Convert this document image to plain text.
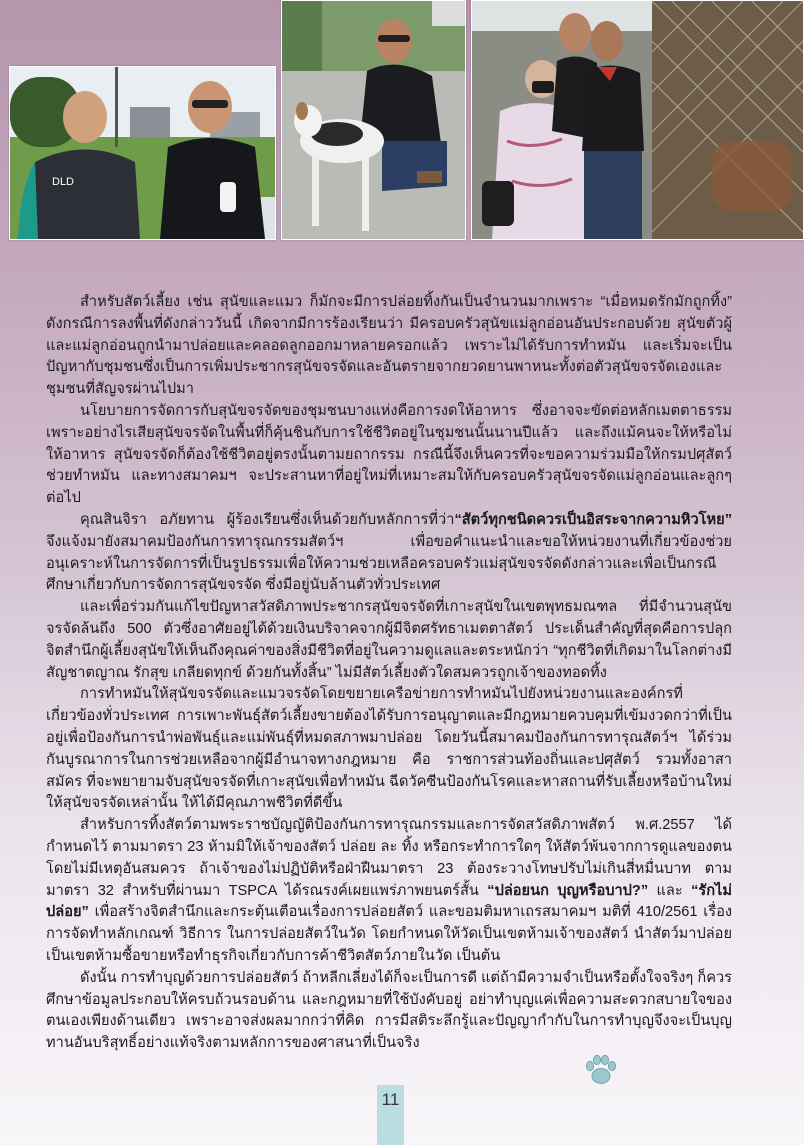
DLD

สำหรับสัตว์เลี้ยง เช่น สุนัขและแมว ก็มักจะมีการปล่อยทิ้งกันเป็นจำนวนมากเพราะ “เมื่อหมดรักมักถูกทิ้ง” ดังกรณีการลงพื้นที่ดังกล่าววันนี้ เกิดจากมีการร้องเรียนว่า มีครอบครัวสุนัขแม่ลูกอ่อนอันประกอบด้วย สุนัขตัวผู้และแม่ลูกอ่อนถูกนำมาปล่อยและคลอดลูกออกมาหลายครอกแล้ว เพราะไม่ได้รับการทำหมัน และเริ่มจะเป็นปัญหากับชุมชนซึ่งเป็นการเพิ่มประชากรสุนัขจรจัดและอันตรายจากยวดยานพาหนะทั้งต่อตัวสุนัขจรจัดเองและชุมชนที่สัญจรผ่านไปมา

นโยบายการจัดการกับสุนัขจรจัดของชุมชนบางแห่งคือการงดให้อาหาร ซึ่งอาจจะขัดต่อหลักเมตตาธรรมเพราะอย่างไรเสียสุนัขจรจัดในพื้นที่ก็คุ้นชินกับการใช้ชีวิตอยู่ในชุมชนนั้นนานปีแล้ว และถึงแม้คนจะให้หรือไม่ให้อาหาร สุนัขจรจัดก็ต้องใช้ชีวิตอยู่ตรงนั้นตามยถากรรม กรณีนี้จึงเห็นควรที่จะขอความร่วมมือให้กรมปศุสัตว์ช่วยทำหมัน และทางสมาคมฯ จะประสานหาที่อยู่ใหม่ที่เหมาะสมให้กับครอบครัวสุนัขจรจัดแม่ลูกอ่อนและลูกๆ ต่อไป

คุณสินจิรา อภัยทาน ผู้ร้องเรียนซึ่งเห็นด้วยกับหลักการที่ว่า“สัตว์ทุกชนิดควรเป็นอิสระจากความหิวโหย” จึงแจ้งมายังสมาคมป้องกันการทารุณกรรมสัตว์ฯ เพื่อขอคำแนะนำและขอให้หน่วยงานที่เกี่ยวข้องช่วยอนุเคราะห์ในการจัดการที่เป็นรูปธรรมเพื่อให้ความช่วยเหลือครอบครัวแม่สุนัขจรจัดดังกล่าวและเพื่อเป็นกรณีศึกษาเกี่ยวกับการจัดการสุนัขจรจัด ซึ่งมีอยู่นับล้านตัวทั่วประเทศ

และเพื่อร่วมกันแก้ไขปัญหาสวัสดิภาพประชากรสุนัขจรจัดที่เกาะสุนัขในเขตพุทธมณฑล ที่มีจำนวนสุนัขจรจัดล้นถึง 500 ตัวซึ่งอาศัยอยู่ได้ด้วยเงินบริจาคจากผู้มีจิตศรัทธาเมตตาสัตว์ ประเด็นสำคัญที่สุดคือการปลุกจิตสำนึกผู้เลี้ยงสุนัขให้เห็นถึงคุณค่าของสิ่งมีชีวิตที่อยู่ในความดูแลและตระหนักว่า “ทุกชีวิตที่เกิดมาในโลกต่างมีสัญชาตญาณ รักสุข เกลียดทุกข์ ด้วยกันทั้งสิ้น” ไม่มีสัตว์เลี้ยงตัวใดสมควรถูกเจ้าของทอดทิ้ง

การทำหมันให้สุนัขจรจัดและแมวจรจัดโดยขยายเครือข่ายการทำหมันไปยังหน่วยงานและองค์กรที่เกี่ยวข้องทั่วประเทศ การเพาะพันธุ์สัตว์เลี้ยงขายต้องได้รับการอนุญาตและมีกฎหมายควบคุมที่เข้มงวดกว่าที่เป็นอยู่เพื่อป้องกันการนำพ่อพันธุ์และแม่พันธุ์ที่หมดสภาพมาปล่อย โดยวันนี้สมาคมป้องกันการทารุณสัตว์ฯ ได้ร่วมกันบูรณาการในการช่วยเหลือจากผู้มีอำนาจทางกฎหมาย คือ ราชการส่วนท้องถิ่นและปศุสัตว์ รวมทั้งอาสาสมัคร ที่จะพยายามจับสุนัขจรจัดที่เกาะสุนัขเพื่อทำหมัน ฉีดวัคซีนป้องกันโรคและหาสถานที่รับเลี้ยงหรือบ้านใหม่ให้สุนัขจรจัดเหล่านั้น ให้ได้มีคุณภาพชีวิตที่ดีขึ้น

สำหรับการทิ้งสัตว์ตามพระราชบัญญัติป้องกันการทารุณกรรมและการจัดสวัสดิภาพสัตว์ พ.ศ.2557 ได้กำหนดไว้ ตามมาตรา 23 ห้ามมิให้เจ้าของสัตว์ ปล่อย ละ ทิ้ง หรือกระทำการใดๆ ให้สัตว์พ้นจากการดูแลของตนโดยไม่มีเหตุอันสมควร ถ้าเจ้าของไม่ปฏิบัติหรือฝ่าฝืนมาตรา 23 ต้องระวางโทษปรับไม่เกินสี่หมื่นบาท ตามมาตรา 32 สำหรับที่ผ่านมา TSPCA ได้รณรงค์เผยแพร่ภาพยนตร์สั้น “ปล่อยนก บุญหรือบาป?” และ “รักไม่ปล่อย” เพื่อสร้างจิตสำนึกและกระตุ้นเตือนเรื่องการปล่อยสัตว์ และขอมติมหาเถรสมาคมฯ มติที่ 410/2561 เรื่องการจัดทำหลักเกณฑ์ วิธีการ ในการปล่อยสัตว์ในวัด โดยกำหนดให้วัดเป็นเขตห้ามเจ้าของสัตว์ นำสัตว์มาปล่อย เป็นเขตห้ามซื้อขายหรือทำธุรกิจเกี่ยวกับการค้าชีวิตสัตว์ภายในวัด เป็นต้น

ดังนั้น การทำบุญด้วยการปล่อยสัตว์ ถ้าหลีกเลี่ยงได้ก็จะเป็นการดี แต่ถ้ามีความจำเป็นหรือตั้งใจจริงๆ ก็ควรศึกษาข้อมูลประกอบให้ครบถ้วนรอบด้าน และกฎหมายที่ใช้บังคับอยู่ อย่าทำบุญแค่เพื่อความสะดวกสบายใจของตนเองเพียงด้านเดียว เพราะอาจส่งผลมากกว่าที่คิด การมีสติระลึกรู้และปัญญากำกับในการทำบุญจึงจะเป็นบุญทานอันบริสุทธิ์อย่างแท้จริงตามหลักการของศาสนาที่เป็นจริง

11
